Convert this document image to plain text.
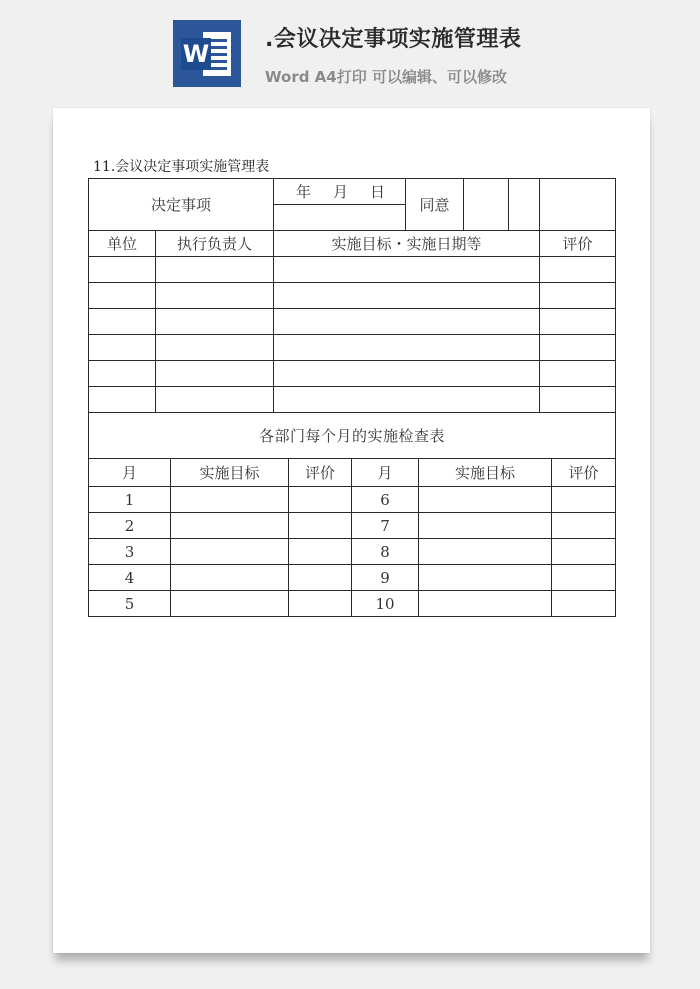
W
.会议决定事项实施管理表
Word A4打印 可以编辑、可以修改
11.会议决定事项实施管理表
决定事项		年 月 日	同意			

单位	执行负责人	实施目标・实施日期等				评价

各部门每个月的实施检查表						
月	实施目标	评价	月	实施目标	评价
1			6		
2			7		
3			8		
4			9		
5			10		
